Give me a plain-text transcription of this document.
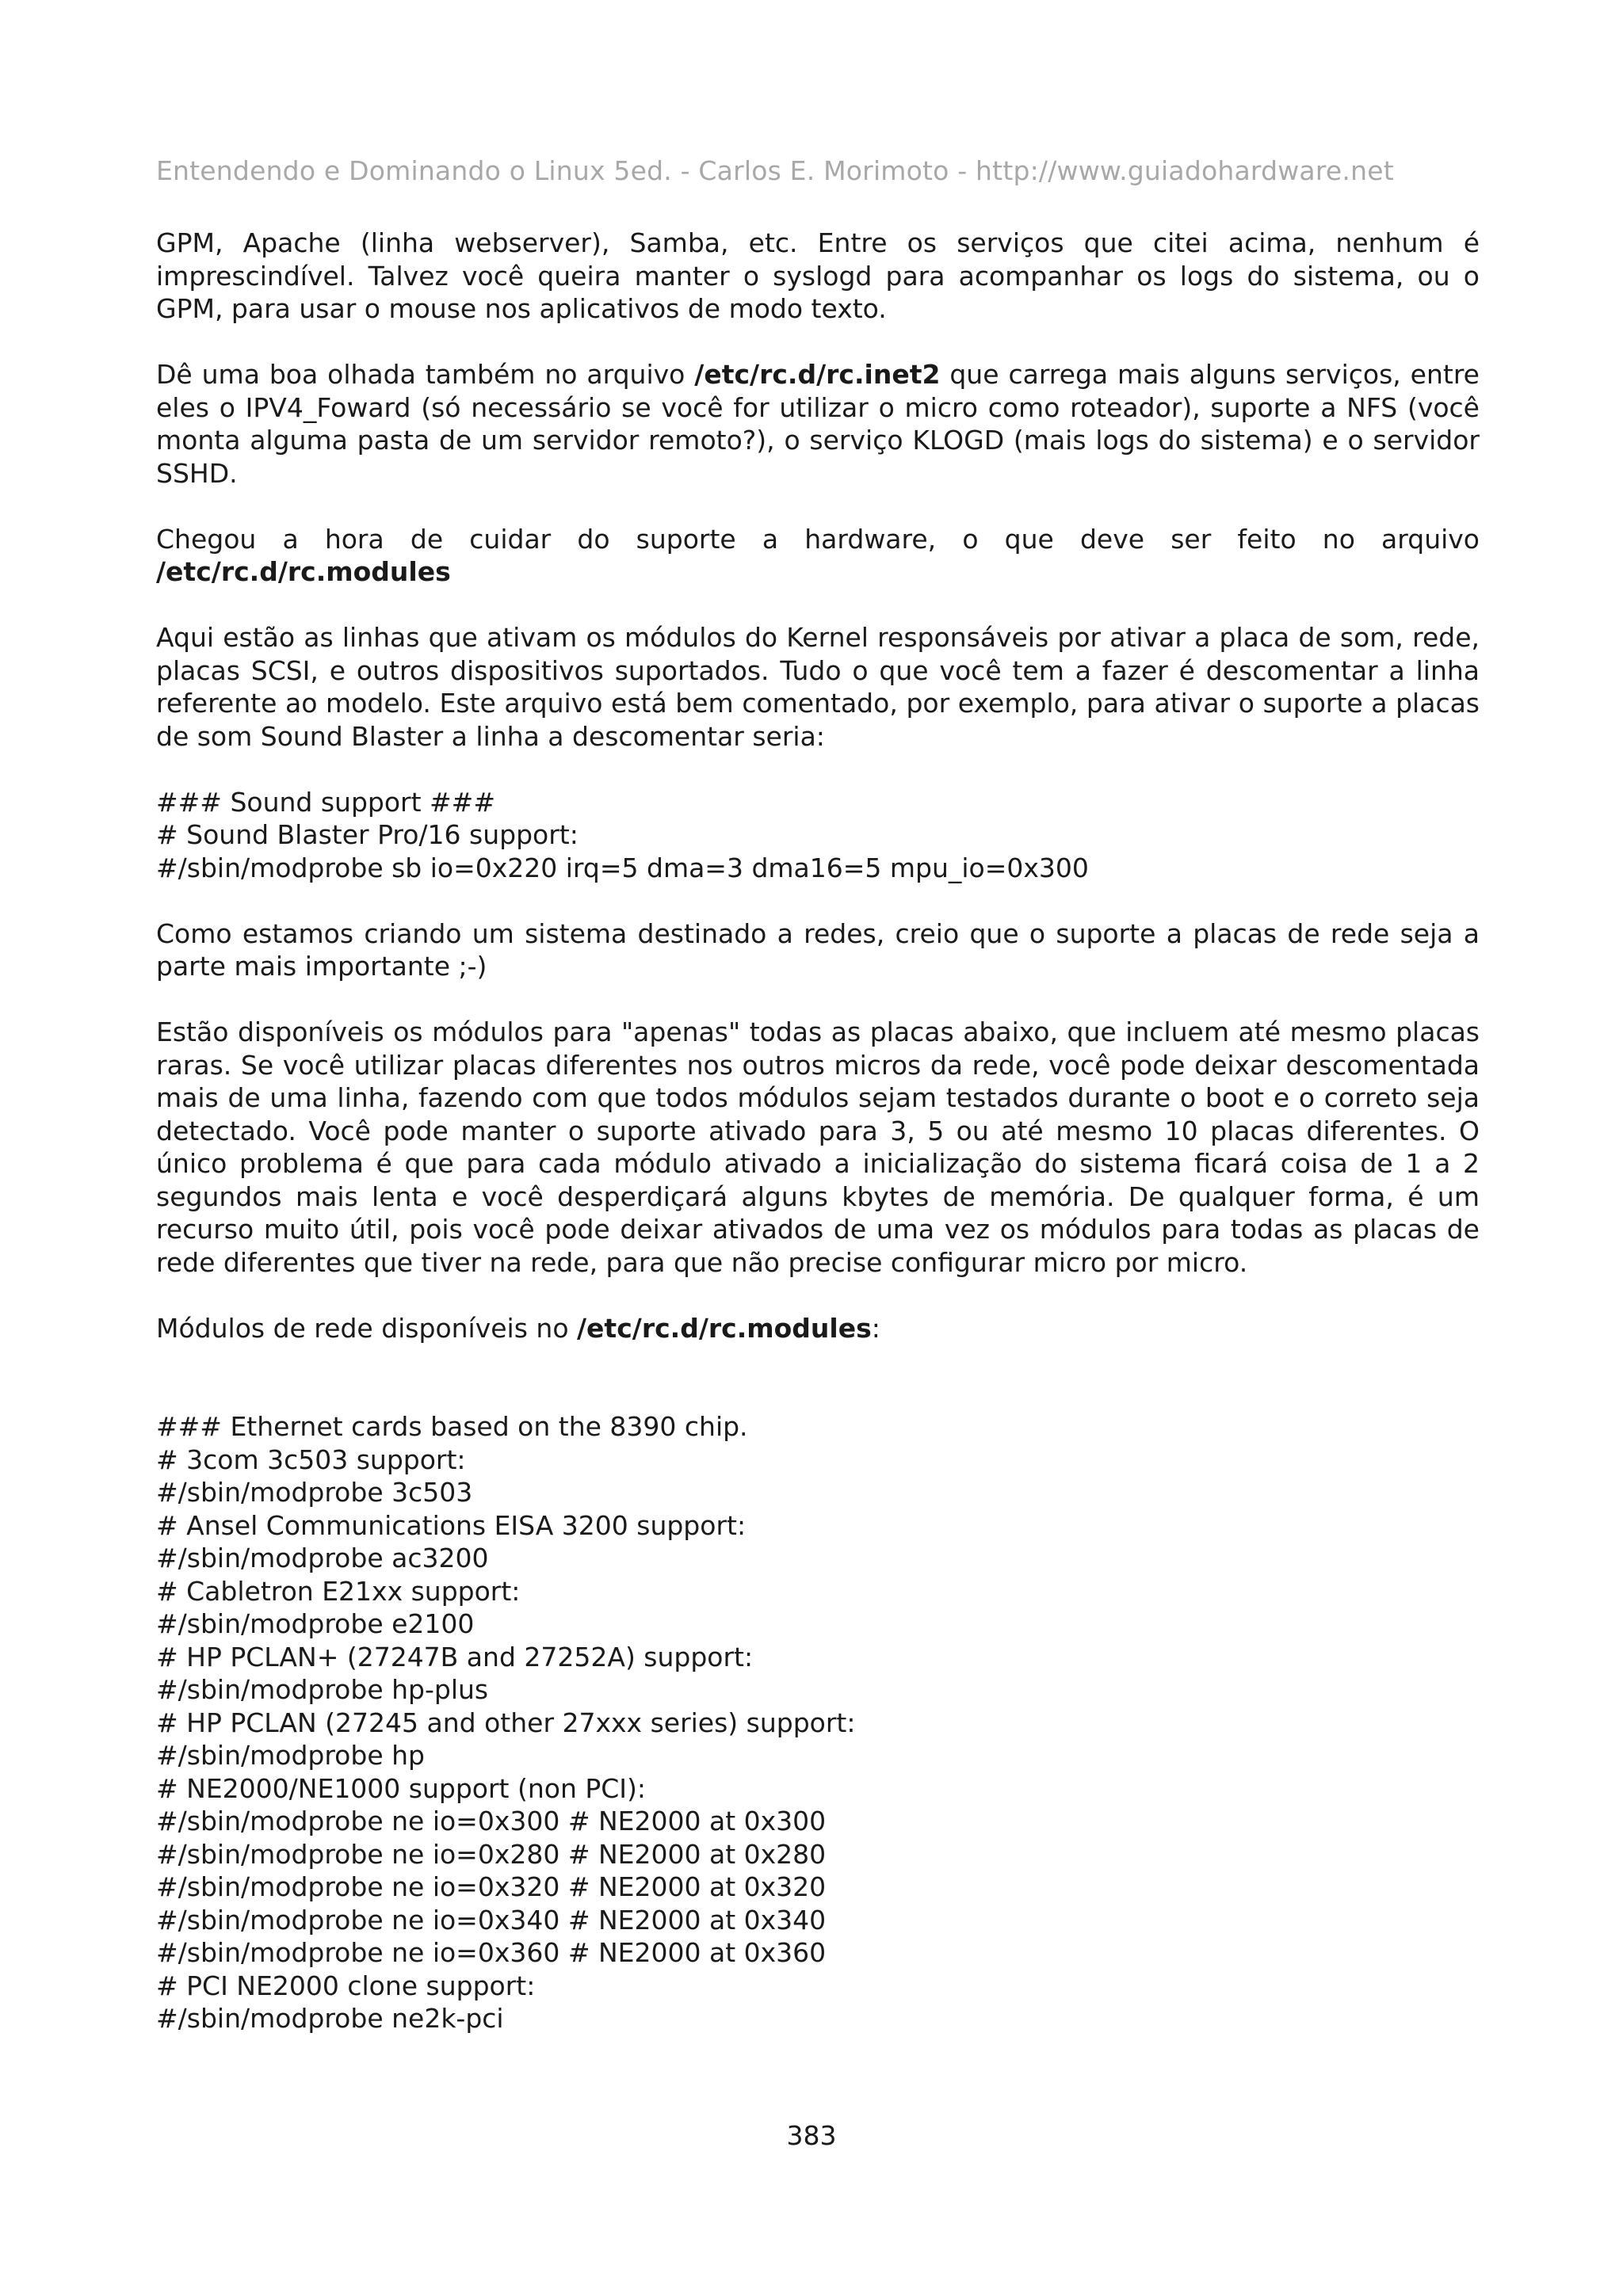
Entendendo e Dominando o Linux 5ed. - Carlos E. Morimoto - http://www.guiadohardware.net

GPM, Apache (linha webserver), Samba, etc. Entre os serviços que citei acima, nenhum é imprescindível. Talvez você queira manter o syslogd para acompanhar os logs do sistema, ou o GPM, para usar o mouse nos aplicativos de modo texto.

Dê uma boa olhada também no arquivo /etc/rc.d/rc.inet2 que carrega mais alguns serviços, entre eles o IPV4_Foward (só necessário se você for utilizar o micro como roteador), suporte a NFS (você monta alguma pasta de um servidor remoto?), o serviço KLOGD (mais logs do sistema) e o servidor SSHD.

Chegou a hora de cuidar do suporte a hardware, o que deve ser feito no arquivo /etc/rc.d/rc.modules

Aqui estão as linhas que ativam os módulos do Kernel responsáveis por ativar a placa de som, rede, placas SCSI, e outros dispositivos suportados. Tudo o que você tem a fazer é descomentar a linha referente ao modelo. Este arquivo está bem comentado, por exemplo, para ativar o suporte a placas de som Sound Blaster a linha a descomentar seria:

### Sound support ###
# Sound Blaster Pro/16 support:
#/sbin/modprobe sb io=0x220 irq=5 dma=3 dma16=5 mpu_io=0x300

Como estamos criando um sistema destinado a redes, creio que o suporte a placas de rede seja a parte mais importante ;-)

Estão disponíveis os módulos para "apenas" todas as placas abaixo, que incluem até mesmo placas raras. Se você utilizar placas diferentes nos outros micros da rede, você pode deixar descomentada mais de uma linha, fazendo com que todos módulos sejam testados durante o boot e o correto seja detectado. Você pode manter o suporte ativado para 3, 5 ou até mesmo 10 placas diferentes. O único problema é que para cada módulo ativado a inicialização do sistema ficará coisa de 1 a 2 segundos mais lenta e você desperdiçará alguns kbytes de memória. De qualquer forma, é um recurso muito útil, pois você pode deixar ativados de uma vez os módulos para todas as placas de rede diferentes que tiver na rede, para que não precise configurar micro por micro.

Módulos de rede disponíveis no /etc/rc.d/rc.modules:

### Ethernet cards based on the 8390 chip.
# 3com 3c503 support:
#/sbin/modprobe 3c503
# Ansel Communications EISA 3200 support:
#/sbin/modprobe ac3200
# Cabletron E21xx support:
#/sbin/modprobe e2100
# HP PCLAN+ (27247B and 27252A) support:
#/sbin/modprobe hp-plus
# HP PCLAN (27245 and other 27xxx series) support:
#/sbin/modprobe hp
# NE2000/NE1000 support (non PCI):
#/sbin/modprobe ne io=0x300 # NE2000 at 0x300
#/sbin/modprobe ne io=0x280 # NE2000 at 0x280
#/sbin/modprobe ne io=0x320 # NE2000 at 0x320
#/sbin/modprobe ne io=0x340 # NE2000 at 0x340
#/sbin/modprobe ne io=0x360 # NE2000 at 0x360
# PCI NE2000 clone support:
#/sbin/modprobe ne2k-pci
383
